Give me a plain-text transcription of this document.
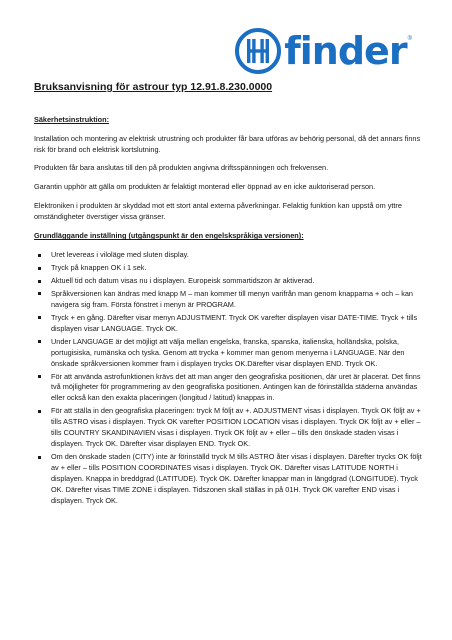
finder ®
Bruksanvisning för astrour typ 12.91.8.230.0000
Säkerhetsinstruktion:

Installation och montering av elektrisk utrustning och produkter får bara utföras av behörig personal, då det annars finns risk för brand och elektrisk kortslutning.

Produkten får bara anslutas till den på produkten angivna driftsspänningen och frekvensen.

Garantin upphör att gälla om produkten är felaktigt monterad eller öppnad av en icke auktoriserad person.

Elektroniken i produkten är skyddad mot ett stort antal externa påverkningar. Felaktig funktion kan uppstå om yttre omständigheter överstiger vissa gränser.

Grundläggande inställning (utgångspunkt är den engelskspråkiga versionen):
Uret levereas i viloläge med sluten display.
Tryck på knappen OK i 1 sek.
Aktuell tid och datum visas nu i displayen. Europeisk sommartidszon är aktiverad.
Språkversionen kan ändras med knapp M – man kommer till menyn varifrån man genom knapparna + och – kan navigera sig fram. Första fönstret i menyn är PROGRAM.
Tryck + en gång. Därefter visar menyn ADJUSTMENT. Tryck OK varefter displayen visar DATE-TIME. Tryck + tills displayen visar LANGUAGE. Tryck OK.
Under LANGUAGE är det möjligt att välja mellan engelska, franska, spanska, italienska, holländska, polska, portugisiska, rumänska och tyska. Genom att trycka + kommer man genom menyerna i LANGUAGE. När den önskade språkversionen kommer fram i displayen trycks OK.Därefter visar displayen END. Tryck OK.
För att använda astrofunktionen krävs det att man anger den geografiska positionen, där uret är placerat. Det finns två möjligheter för programmering av den geografiska positionen. Antingen kan de förinställda städerna användas eller också kan den exakta placeringen (longitud / latitud) knappas in.
För att ställa in den geografiska placeringen: tryck M följt av +. ADJUSTMENT visas i displayen. Tryck OK följt av + tills ASTRO visas i displayen. Tryck OK varefter POSITION LOCATION visas i displayen. Tryck OK följt av + eller – tills COUNTRY SKANDINAVIEN visas i displayen. Tryck OK följt av + eller – tills den önskade staden visas i displayen. Tryck OK. Därefter visar displayen END. Tryck OK.
Om den önskade staden (CITY) inte är förinställd tryck M tills ASTRO åter visas i displayen. Därefter trycks OK följt av + eller – tills POSITION COORDINATES visas i displayen. Tryck OK. Därefter visas LATITUDE NORTH i displayen. Knappa in breddgrad (LATITUDE). Tryck OK. Därefter knappar man in längdgrad (LONGITUDE). Tryck OK. Därefter visas TIME ZONE i displayen. Tidszonen skall ställas in på 01H. Tryck OK varefter END visas i displayen. Tryck OK.
